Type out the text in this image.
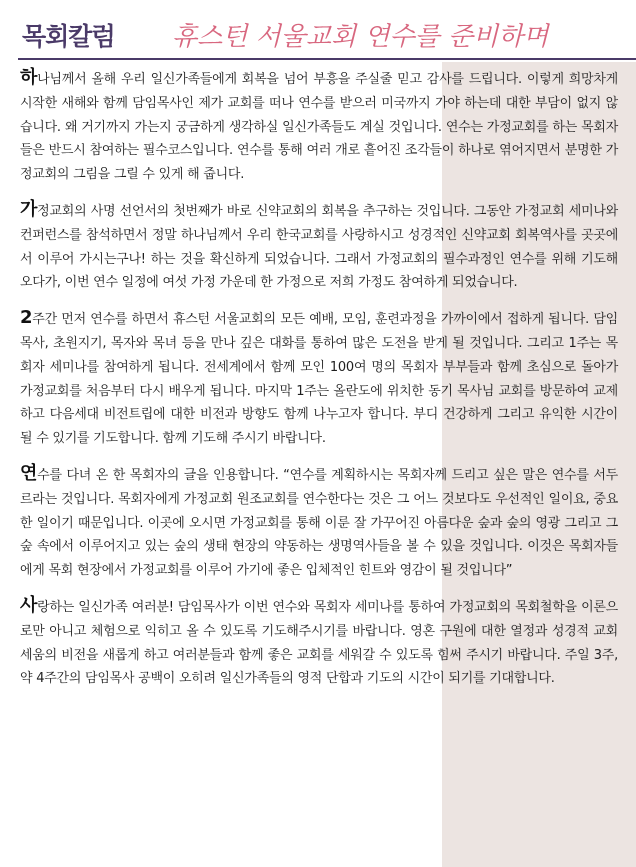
목회칼럼 휴스턴 서울교회 연수를 준비하며

하나님께서 올해 우리 일신가족들에게 회복을 넘어 부흥을 주실줄 믿고 감사를 드립니다. 이렇게 희망차게 시작한 새해와 함께 담임목사인 제가 교회를 떠나 연수를 받으러 미국까지 가야 하는데 대한 부담이 없지 않습니다. 왜 거기까지 가는지 궁금하게 생각하실 일신가족들도 계실 것입니다. 연수는 가정교회를 하는 목회자들은 반드시 참여하는 필수코스입니다. 연수를 통해 여러 개로 흩어진 조각들이 하나로 엮어지면서 분명한 가정교회의 그림을 그릴 수 있게 해 줍니다.

가정교회의 사명 선언서의 첫번째가 바로 신약교회의 회복을 추구하는 것입니다. 그동안 가정교회 세미나와 컨퍼런스를 참석하면서 정말 하나님께서 우리 한국교회를 사랑하시고 성경적인 신약교회 회복역사를 곳곳에서 이루어 가시는구나! 하는 것을 확신하게 되었습니다. 그래서 가정교회의 필수과정인 연수를 위해 기도해 오다가, 이번 연수 일정에 여섯 가정 가운데 한 가정으로 저희 가정도 참여하게 되었습니다.

2주간 먼저 연수를 하면서 휴스턴 서울교회의 모든 예배, 모임, 훈련과정을 가까이에서 접하게 됩니다. 담임목사, 초원지기, 목자와 목녀 등을 만나 깊은 대화를 통하여 많은 도전을 받게 될 것입니다. 그리고 1주는 목회자 세미나를 참여하게 됩니다. 전세계에서 함께 모인 100여 명의 목회자 부부들과 함께 초심으로 돌아가 가정교회를 처음부터 다시 배우게 됩니다. 마지막 1주는 올란도에 위치한 동기 목사님 교회를 방문하여 교제하고 다음세대 비전트립에 대한 비전과 방향도 함께 나누고자 합니다. 부디 건강하게 그리고 유익한 시간이 될 수 있기를 기도합니다. 함께 기도해 주시기 바랍니다.

연수를 다녀 온 한 목회자의 글을 인용합니다. “연수를 계획하시는 목회자께 드리고 싶은 말은 연수를 서두르라는 것입니다. 목회자에게 가정교회 원조교회를 연수한다는 것은 그 어느 것보다도 우선적인 일이요, 중요한 일이기 때문입니다. 이곳에 오시면 가정교회를 통해 이룬 잘 가꾸어진 아름다운 숲과 숲의 영광 그리고 그 숲 속에서 이루어지고 있는 숲의 생태 현장의 약동하는 생명역사들을 볼 수 있을 것입니다. 이것은 목회자들에게 목회 현장에서 가정교회를 이루어 가기에 좋은 입체적인 힌트와 영감이 될 것입니다”

사랑하는 일신가족 여러분! 담임목사가 이번 연수와 목회자 세미나를 통하여 가정교회의 목회철학을 이론으로만 아니고 체험으로 익히고 올 수 있도록 기도해주시기를 바랍니다. 영혼 구원에 대한 열정과 성경적 교회 세움의 비전을 새롭게 하고 여러분들과 함께 좋은 교회를 세워갈 수 있도록 힘써 주시기 바랍니다. 주일 3주, 약 4주간의 담임목사 공백이 오히려 일신가족들의 영적 단합과 기도의 시간이 되기를 기대합니다.
